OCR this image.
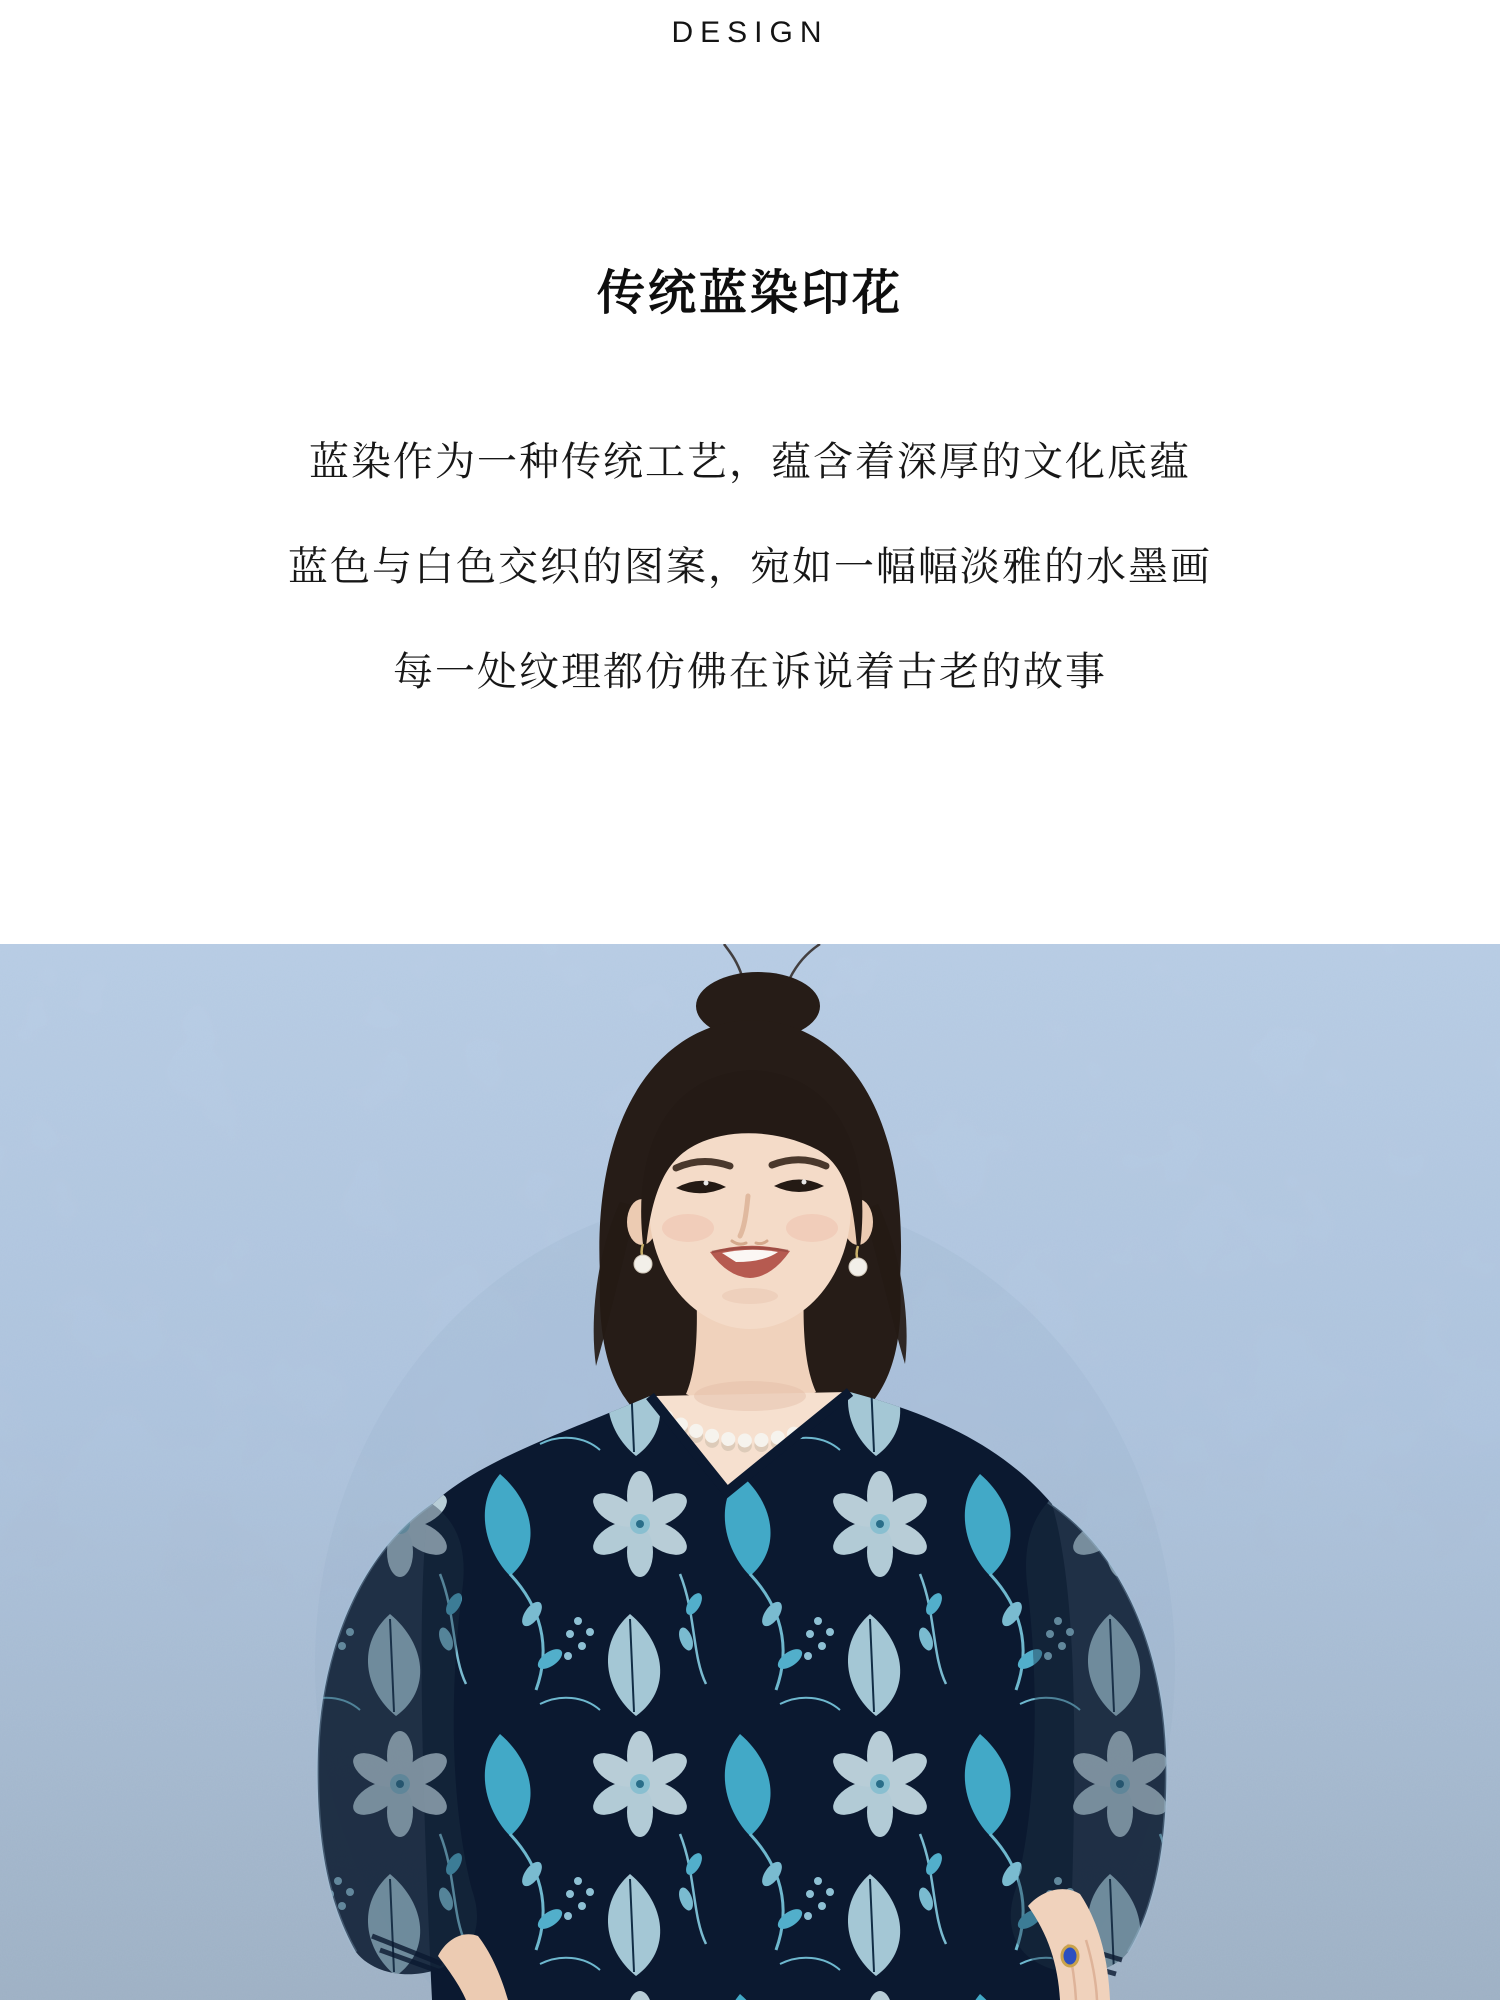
DESIGN
传统蓝染印花
蓝染作为一种传统工艺，蕴含着深厚的文化底蕴
蓝色与白色交织的图案，宛如一幅幅淡雅的水墨画
每一处纹理都仿佛在诉说着古老的故事
